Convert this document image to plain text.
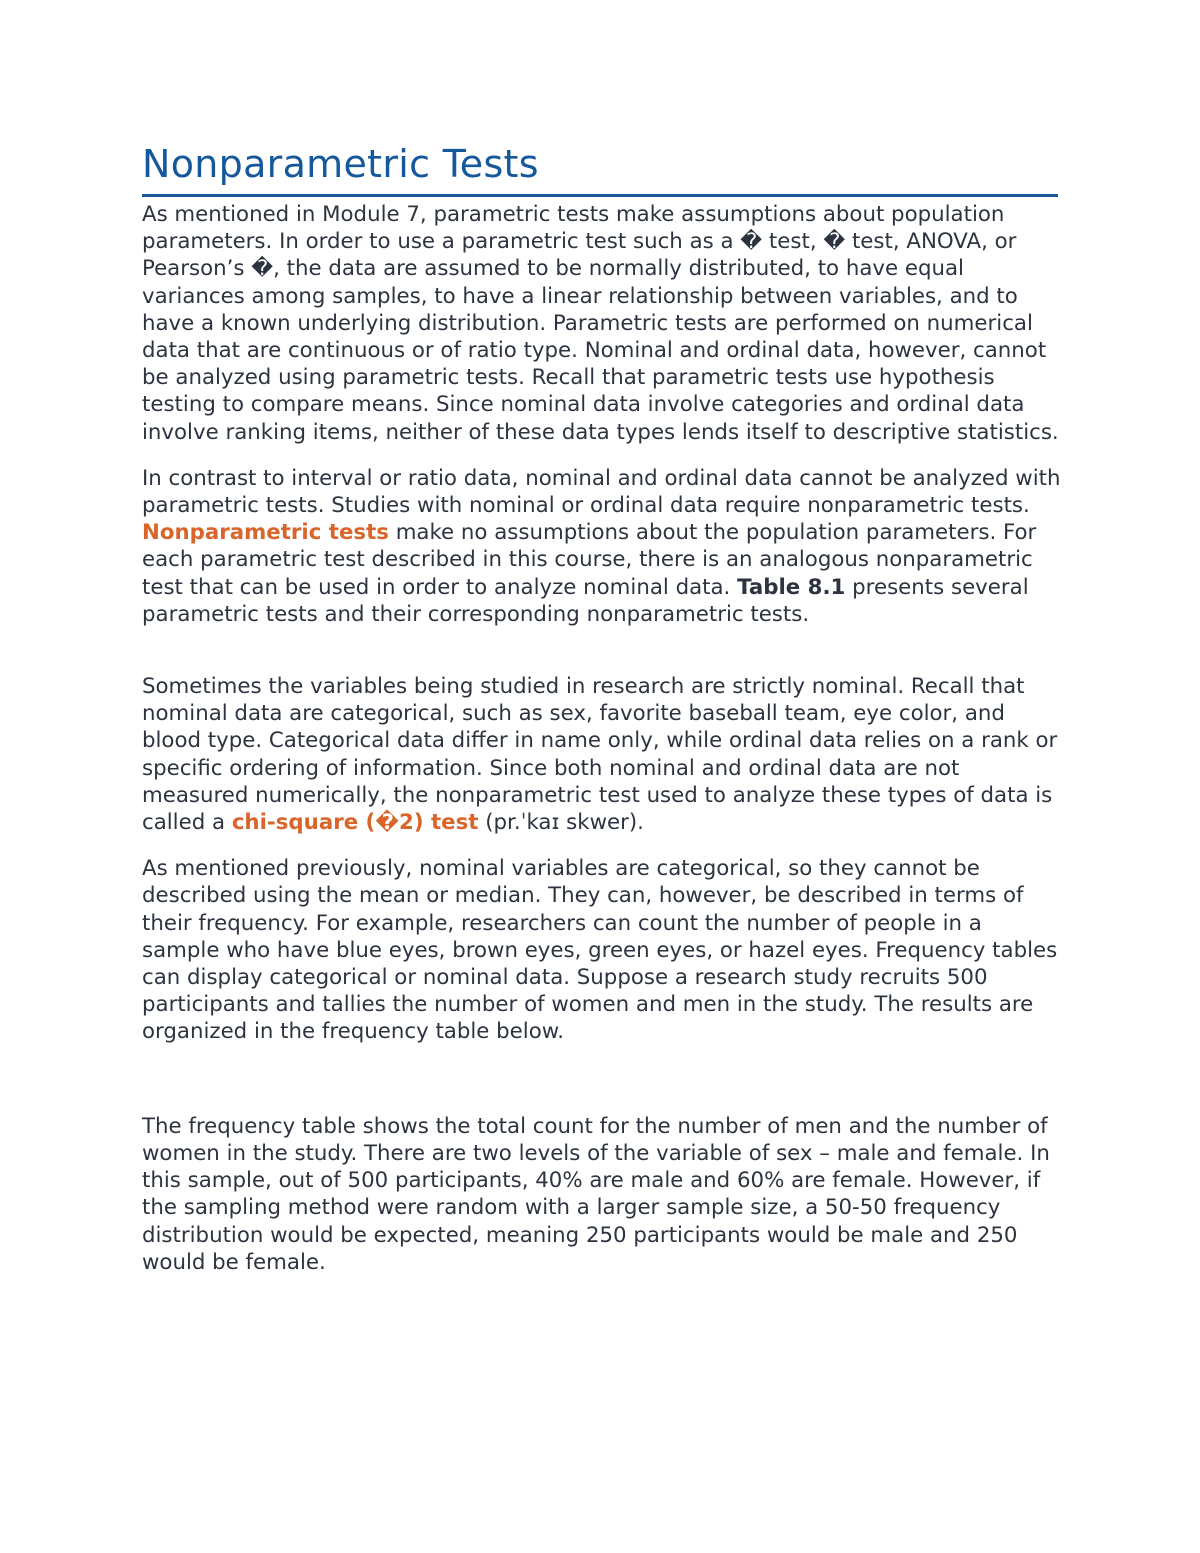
Nonparametric Tests

As mentioned in Module 7, parametric tests make assumptions about population parameters. In order to use a parametric test such as a � test, � test, ANOVA, or Pearson’s �, the data are assumed to be normally distributed, to have equal variances among samples, to have a linear relationship between variables, and to have a known underlying distribution. Parametric tests are performed on numerical data that are continuous or of ratio type. Nominal and ordinal data, however, cannot be analyzed using parametric tests. Recall that parametric tests use hypothesis testing to compare means. Since nominal data involve categories and ordinal data involve ranking items, neither of these data types lends itself to descriptive statistics.

In contrast to interval or ratio data, nominal and ordinal data cannot be analyzed with parametric tests. Studies with nominal or ordinal data require nonparametric tests. Nonparametric tests make no assumptions about the population parameters. For each parametric test described in this course, there is an analogous nonparametric test that can be used in order to analyze nominal data. Table 8.1 presents several parametric tests and their corresponding nonparametric tests.

Sometimes the variables being studied in research are strictly nominal. Recall that nominal data are categorical, such as sex, favorite baseball team, eye color, and blood type. Categorical data differ in name only, while ordinal data relies on a rank or specific ordering of information. Since both nominal and ordinal data are not measured numerically, the nonparametric test used to analyze these types of data is called a chi-square (�2) test (pr.ˈkaɪ skwer).

As mentioned previously, nominal variables are categorical, so they cannot be described using the mean or median. They can, however, be described in terms of their frequency. For example, researchers can count the number of people in a sample who have blue eyes, brown eyes, green eyes, or hazel eyes. Frequency tables can display categorical or nominal data. Suppose a research study recruits 500 participants and tallies the number of women and men in the study. The results are organized in the frequency table below.

The frequency table shows the total count for the number of men and the number of women in the study. There are two levels of the variable of sex – male and female. In this sample, out of 500 participants, 40% are male and 60% are female. However, if the sampling method were random with a larger sample size, a 50-50 frequency distribution would be expected, meaning 250 participants would be male and 250 would be female.
